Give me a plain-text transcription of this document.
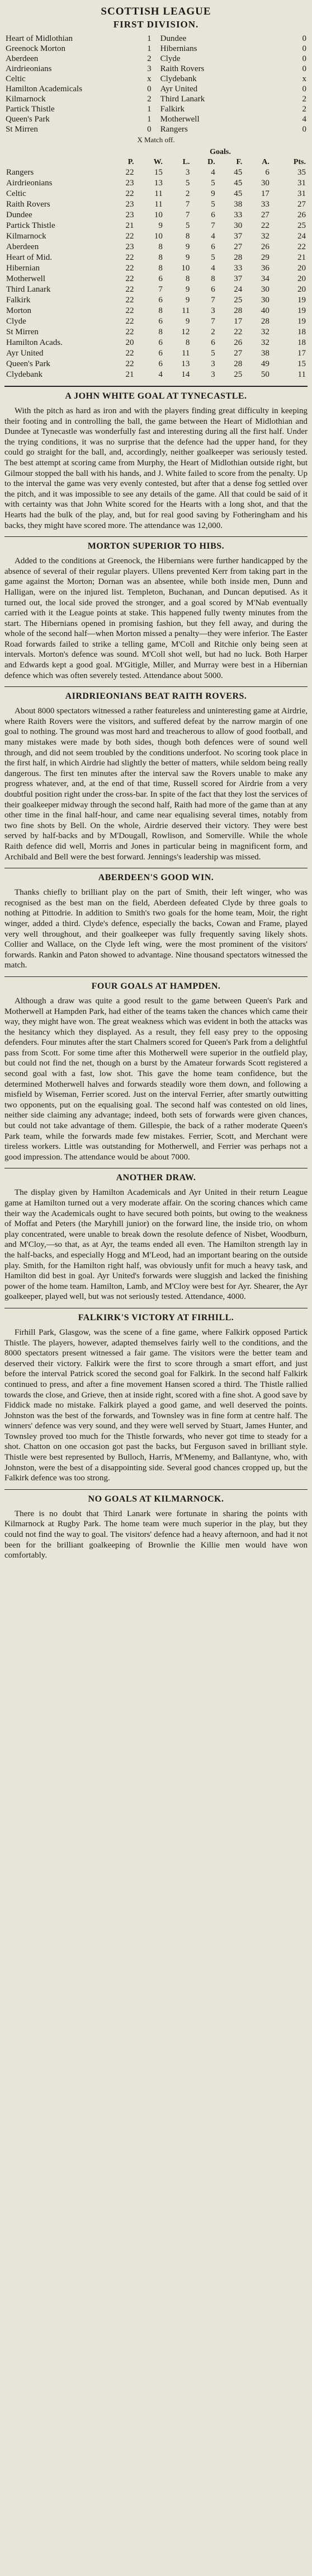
SCOTTISH LEAGUE
FIRST DIVISION.
Heart of Midlothian	1	Dundee	0
Greenock Morton	1	Hibernians	0
Aberdeen	2	Clyde	0
Airdrieonians	3	Raith Rovers	0
Celtic	x	Clydebank	x
Hamilton Academicals	0	Ayr United	0
Kilmarnock	2	Third Lanark	2
Partick Thistle	1	Falkirk	2
Queen's Park	1	Motherwell	4
St Mirren	0	Rangers	0
X Match off.
Goals.
	P.	W.	L.	D.	F.	A.	Pts.
Rangers	22	15	3	4	45	6	35
Airdrieonians	23	13	5	5	45	30	31
Celtic	22	11	2	9	45	17	31
Raith Rovers	23	11	7	5	38	33	27
Dundee	23	10	7	6	33	27	26
Partick Thistle	21	9	5	7	30	22	25
Kilmarnock	22	10	8	4	37	32	24
Aberdeen	23	8	9	6	27	26	22
Heart of Mid.	22	8	9	5	28	29	21
Hibernian	22	8	10	4	33	36	20
Motherwell	22	6	8	8	37	34	20
Third Lanark	22	7	9	6	24	30	20
Falkirk	22	6	9	7	25	30	19
Morton	22	8	11	3	28	40	19
Clyde	22	6	9	7	17	28	19
St Mirren	22	8	12	2	22	32	18
Hamilton Acads.	20	6	8	6	26	32	18
Ayr United	22	6	11	5	27	38	17
Queen's Park	22	6	13	3	28	49	15
Clydebank	21	4	14	3	25	50	11
A JOHN WHITE GOAL AT TYNECASTLE.

With the pitch as hard as iron and with the players finding great difficulty in keeping their footing and in controlling the ball, the game between the Heart of Midlothian and Dundee at Tynecastle was wonderfully fast and interesting during all the first half. Under the trying conditions, it was no surprise that the defence had the upper hand, for they could go straight for the ball, and, accordingly, neither goalkeeper was seriously tested. The best attempt at scoring came from Murphy, the Heart of Midlothian outside right, but Gilmour stopped the ball with his hands, and J. White failed to score from the penalty. Up to the interval the game was very evenly contested, but after that a dense fog settled over the pitch, and it was impossible to see any details of the game. All that could be said of it with certainty was that John White scored for the Hearts with a long shot, and that the Hearts had the bulk of the play, and, but for real good saving by Fotheringham and his backs, they might have scored more. The attendance was 12,000.

MORTON SUPERIOR TO HIBS.

Added to the conditions at Greenock, the Hibernians were further handicapped by the absence of several of their regular players. Ullens prevented Kerr from taking part in the game against the Morton; Dornan was an absentee, while both inside men, Dunn and Halligan, were on the injured list. Templeton, Buchanan, and Duncan deputised. As it turned out, the local side proved the stronger, and a goal scored by M'Nab eventually carried with it the League points at stake. This happened fully twenty minutes from the start. The Hibernians opened in promising fashion, but they fell away, and during the whole of the second half—when Morton missed a penalty—they were inferior. The Easter Road forwards failed to strike a telling game, M'Coll and Ritchie only being seen at intervals. Morton's defence was sound. M'Coll shot well, but had no luck. Both Harper and Edwards kept a good goal. M'Gitigle, Miller, and Murray were best in a Hibernian defence which was often severely tested. Attendance about 5000.

AIRDRIEONIANS BEAT RAITH ROVERS.

About 8000 spectators witnessed a rather featureless and uninteresting game at Airdrie, where Raith Rovers were the visitors, and suffered defeat by the narrow margin of one goal to nothing. The ground was most hard and treacherous to allow of good football, and many mistakes were made by both sides, though both defences were of sound well through, and did not seem troubled by the conditions underfoot. No scoring took place in the first half, in which Airdrie had slightly the better of matters, while seldom being really dangerous. The first ten minutes after the interval saw the Rovers unable to make any progress whatever, and, at the end of that time, Russell scored for Airdrie from a very doubtful position right under the cross-bar. In spite of the fact that they lost the services of their goalkeeper midway through the second half, Raith had more of the game than at any other time in the final half-hour, and came near equalising several times, notably from two fine shots by Bell. On the whole, Airdrie deserved their victory. They were best served by half-backs and by M'Dougall, Rowlison, and Somerville. While the whole Raith defence did well, Morris and Jones in particular being in magnificent form, and Archibald and Bell were the best forward. Jennings's leadership was missed.

ABERDEEN'S GOOD WIN.

Thanks chiefly to brilliant play on the part of Smith, their left winger, who was recognised as the best man on the field, Aberdeen defeated Clyde by three goals to nothing at Pittodrie. In addition to Smith's two goals for the home team, Moir, the right winger, added a third. Clyde's defence, especially the backs, Cowan and Frame, played very well throughout, and their goalkeeper was fully frequently saving likely shots. Collier and Wallace, on the Clyde left wing, were the most prominent of the visitors' forwards. Rankin and Paton showed to advantage. Nine thousand spectators witnessed the match.

FOUR GOALS AT HAMPDEN.

Although a draw was quite a good result to the game between Queen's Park and Motherwell at Hampden Park, had either of the teams taken the chances which came their way, they might have won. The great weakness which was evident in both the attacks was the hesitancy which they displayed. As a result, they fell easy prey to the opposing defenders. Four minutes after the start Chalmers scored for Queen's Park from a delightful pass from Scott. For some time after this Motherwell were superior in the outfield play, but could not find the net, though on a burst by the Amateur forwards Scott registered a second goal with a fast, low shot. This gave the home team confidence, but the determined Motherwell halves and forwards steadily wore them down, and following a misfield by Wiseman, Ferrier scored. Just on the interval Ferrier, after smartly outwitting two opponents, put on the equalising goal. The second half was contested on old lines, neither side claiming any advantage; indeed, both sets of forwards were given chances, but could not take advantage of them. Gillespie, the back of a rather moderate Queen's Park team, while the forwards made few mistakes. Ferrier, Scott, and Merchant were tireless workers. Little was outstanding for Motherwell, and Ferrier was perhaps not a good impression. The attendance would be about 7000.

ANOTHER DRAW.

The display given by Hamilton Academicals and Ayr United in their return League game at Hamilton turned out a very moderate affair. On the scoring chances which came their way the Academicals ought to have secured both points, but owing to the weakness of Moffat and Peters (the Maryhill junior) on the forward line, the inside trio, on whom play concentrated, were unable to break down the resolute defence of Nisbet, Woodburn, and M'Cloy,—so that, as at Ayr, the teams ended all even. The Hamilton strength lay in the half-backs, and especially Hogg and M'Leod, had an important bearing on the outside play. Smith, for the Hamilton right half, was obviously unfit for much a heavy task, and Hamilton did best in goal. Ayr United's forwards were sluggish and lacked the finishing power of the home team. Hamilton, Lamb, and M'Cloy were best for Ayr. Shearer, the Ayr goalkeeper, played well, but was not seriously tested. Attendance, 4000.

FALKIRK'S VICTORY AT FIRHILL.

Firhill Park, Glasgow, was the scene of a fine game, where Falkirk opposed Partick Thistle. The players, however, adapted themselves fairly well to the conditions, and the 8000 spectators present witnessed a fair game. The visitors were the better team and deserved their victory. Falkirk were the first to score through a smart effort, and just before the interval Patrick scored the second goal for Falkirk. In the second half Falkirk continued to press, and after a fine movement Hansen scored a third. The Thistle rallied towards the close, and Grieve, then at inside right, scored with a fine shot. A good save by Fiddick made no mistake. Falkirk played a good game, and well deserved the points. Johnston was the best of the forwards, and Townsley was in fine form at centre half. The winners' defence was very sound, and they were well served by Stuart, James Hunter, and Townsley proved too much for the Thistle forwards, who never got time to steady for a shot. Chatton on one occasion got past the backs, but Ferguson saved in brilliant style. Thistle were best represented by Bulloch, Harris, M'Menemy, and Ballantyne, who, with Johnston, were the best of a disappointing side. Several good chances cropped up, but the Falkirk defence was too strong.

NO GOALS AT KILMARNOCK.

There is no doubt that Third Lanark were fortunate in sharing the points with Kilmarnock at Rugby Park. The home team were much superior in the play, but they could not find the way to goal. The visitors' defence had a heavy afternoon, and had it not been for the brilliant goalkeeping of Brownlie the Killie men would have won comfortably.
